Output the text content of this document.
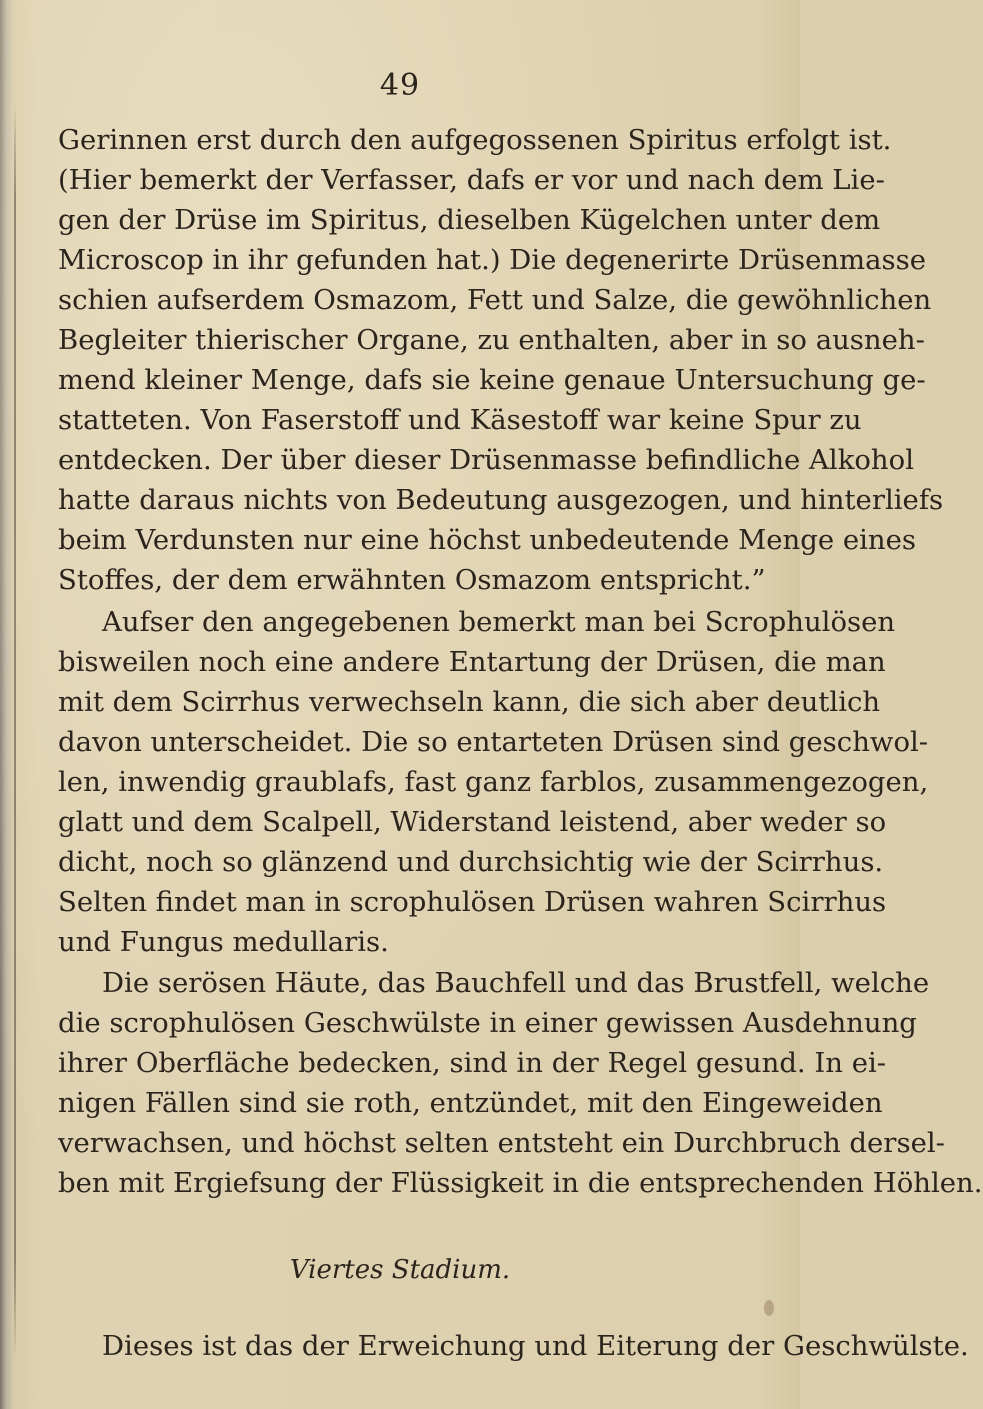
49
Gerinnen erst durch den aufgegossenen Spiritus erfolgt ist.
(Hier bemerkt der Verfasser, dafs er vor und nach dem Lie-
gen der Drüse im Spiritus, dieselben Kügelchen unter dem
Microscop in ihr gefunden hat.) Die degenerirte Drüsenmasse
schien aufserdem Osmazom, Fett und Salze, die gewöhnlichen
Begleiter thierischer Organe, zu enthalten, aber in so ausneh-
mend kleiner Menge, dafs sie keine genaue Untersuchung ge-
statteten. Von Faserstoff und Käsestoff war keine Spur zu
entdecken. Der über dieser Drüsenmasse befindliche Alkohol
hatte daraus nichts von Bedeutung ausgezogen, und hinterliefs
beim Verdunsten nur eine höchst unbedeutende Menge eines
Stoffes, der dem erwähnten Osmazom entspricht.”
Aufser den angegebenen bemerkt man bei Scrophulösen
bisweilen noch eine andere Entartung der Drüsen, die man
mit dem Scirrhus verwechseln kann, die sich aber deutlich
davon unterscheidet. Die so entarteten Drüsen sind geschwol-
len, inwendig graublafs, fast ganz farblos, zusammengezogen,
glatt und dem Scalpell, Widerstand leistend, aber weder so
dicht, noch so glänzend und durchsichtig wie der Scirrhus.
Selten findet man in scrophulösen Drüsen wahren Scirrhus
und Fungus medullaris.
Die serösen Häute, das Bauchfell und das Brustfell, welche
die scrophulösen Geschwülste in einer gewissen Ausdehnung
ihrer Oberfläche bedecken, sind in der Regel gesund. In ei-
nigen Fällen sind sie roth, entzündet, mit den Eingeweiden
verwachsen, und höchst selten entsteht ein Durchbruch dersel-
ben mit Ergiefsung der Flüssigkeit in die entsprechenden Höhlen.
Viertes Stadium.
Dieses ist das der Erweichung und Eiterung der Geschwülste.
